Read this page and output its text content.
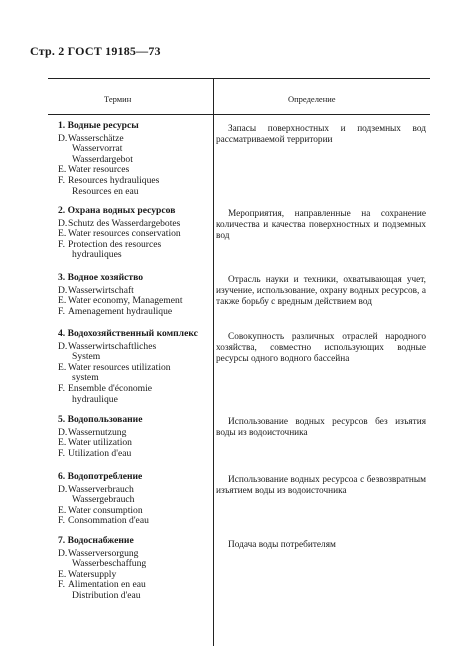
Стр. 2 ГОСТ 19185—73
Термин	Определение
1. Водные ресурсы
D. Wasserschätze
Wasservorrat
Wasserdargebot
E. Water resources
F. Resources hydrauliques
Resources en eau
Запасы поверхностных и подземных вод рассматриваемой территории
2. Охрана водных ресурсов
D. Schutz des Wasserdargebotes
E. Water resources conservation
F. Protection des resources
hydrauliques
Мероприятия, направленные на сохранение количества и качества поверхностных и подземных вод
3. Водное хозяйство
D. Wasserwirtschaft
E. Water economy, Management
F. Amenagement hydraulique
Отрасль науки и техники, охватывающая учет, изучение, использование, охрану водных ресурсов, а также борьбу с вредным действием вод
4. Водохозяйственный комплекс
D. Wasserwirtschaftliches
System
E. Water resources utilization
system
F. Ensemble d'économie
hydraulique
Совокупность различных отраслей народного хозяйства, совместно использующих водные ресурсы одного водного бассейна
5. Водопользование
D. Wassernutzung
E. Water utilization
F. Utilization d'eau
Использование водных ресурсов без изъятия воды из водоисточника
6. Водопотребление
D. Wasserverbrauch
Wassergebrauch
E. Water consumption
F. Consommation d'eau
Использование водных ресурсоа с безвозвратным изъятием воды из водоисточника
7. Водоснабжение
D. Wasserversorgung
Wasserbeschaffung
E. Watersupply
F. Alimentation en eau
Distribution d'eau
Подача воды потребителям
